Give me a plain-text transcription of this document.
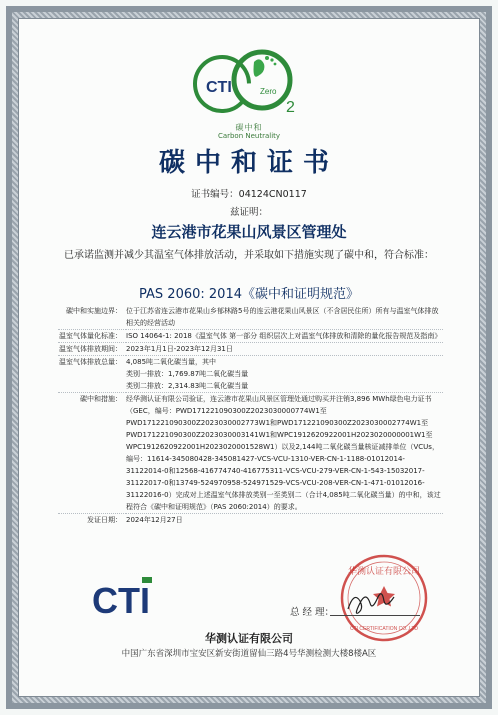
CTI	Zero
2
碳中和
Carbon Neutrality
碳中和证书
证书编号：04124CN0117
兹证明：
连云港市花果山风景区管理处
已承诺监测并减少其温室气体排放活动，并采取如下措施实现了碳中和，符合标准：
PAS 2060: 2014《碳中和证明规范》
碳中和实施边界：	位于江苏省连云港市花果山乡郁林路5号的连云港花果山风景区（不含居民住所）所有与温室气体排放相关的经营活动
温室气体量化标准：	ISO 14064-1: 2018《温室气体 第一部分 组织层次上对温室气体排放和清除的量化报告规范及指南》
温室气体排放期间：	2023年1月1日-2023年12月31日
温室气体排放总量：	4,085吨二氧化碳当量，其中
类别一排放：1,769.87吨二氧化碳当量
类别二排放：2,314.83吨二氧化碳当量

碳中和措施：	经华测认证有限公司验证，连云港市花果山风景区管理处通过购买并注销3,896 MWh绿色电力证书（GEC，编号：PWD171221090300Z2023030000774W1至PWD171221090300Z2023030002773W1和PWD171221090300Z2023030002774W1至PWD171221090300Z2023030003141W1和WPC1912620922001H2023020000001W1至WPC1912620922001H2023020001528W1）以及2,144吨二氧化碳当量核证减排单位（VCUs，编号：11614-345080428-345081427-VCS-VCU-1310-VER-CN-1-1188-01012014-31122014-0和12568-416774740-416775311-VCS-VCU-279-VER-CN-1-543-15032017-31122017-0和13749-524970958-524971529-VCS-VCU-208-VER-CN-1-471-01012016-31122016-0）完成对上述温室气体排放类别一至类别二（合计4,085吨二氧化碳当量）的中和，该过程符合《碳中和证明规范》（PAS 2060:2014）的要求。
发证日期：	2024年12月27日
CTI
华测认证有限公司
CTI CERTIFICATION CO.,LTD
总 经 理：
华测认证有限公司
中国广东省深圳市宝安区新安街道留仙三路4号华测检测大楼8楼A区
